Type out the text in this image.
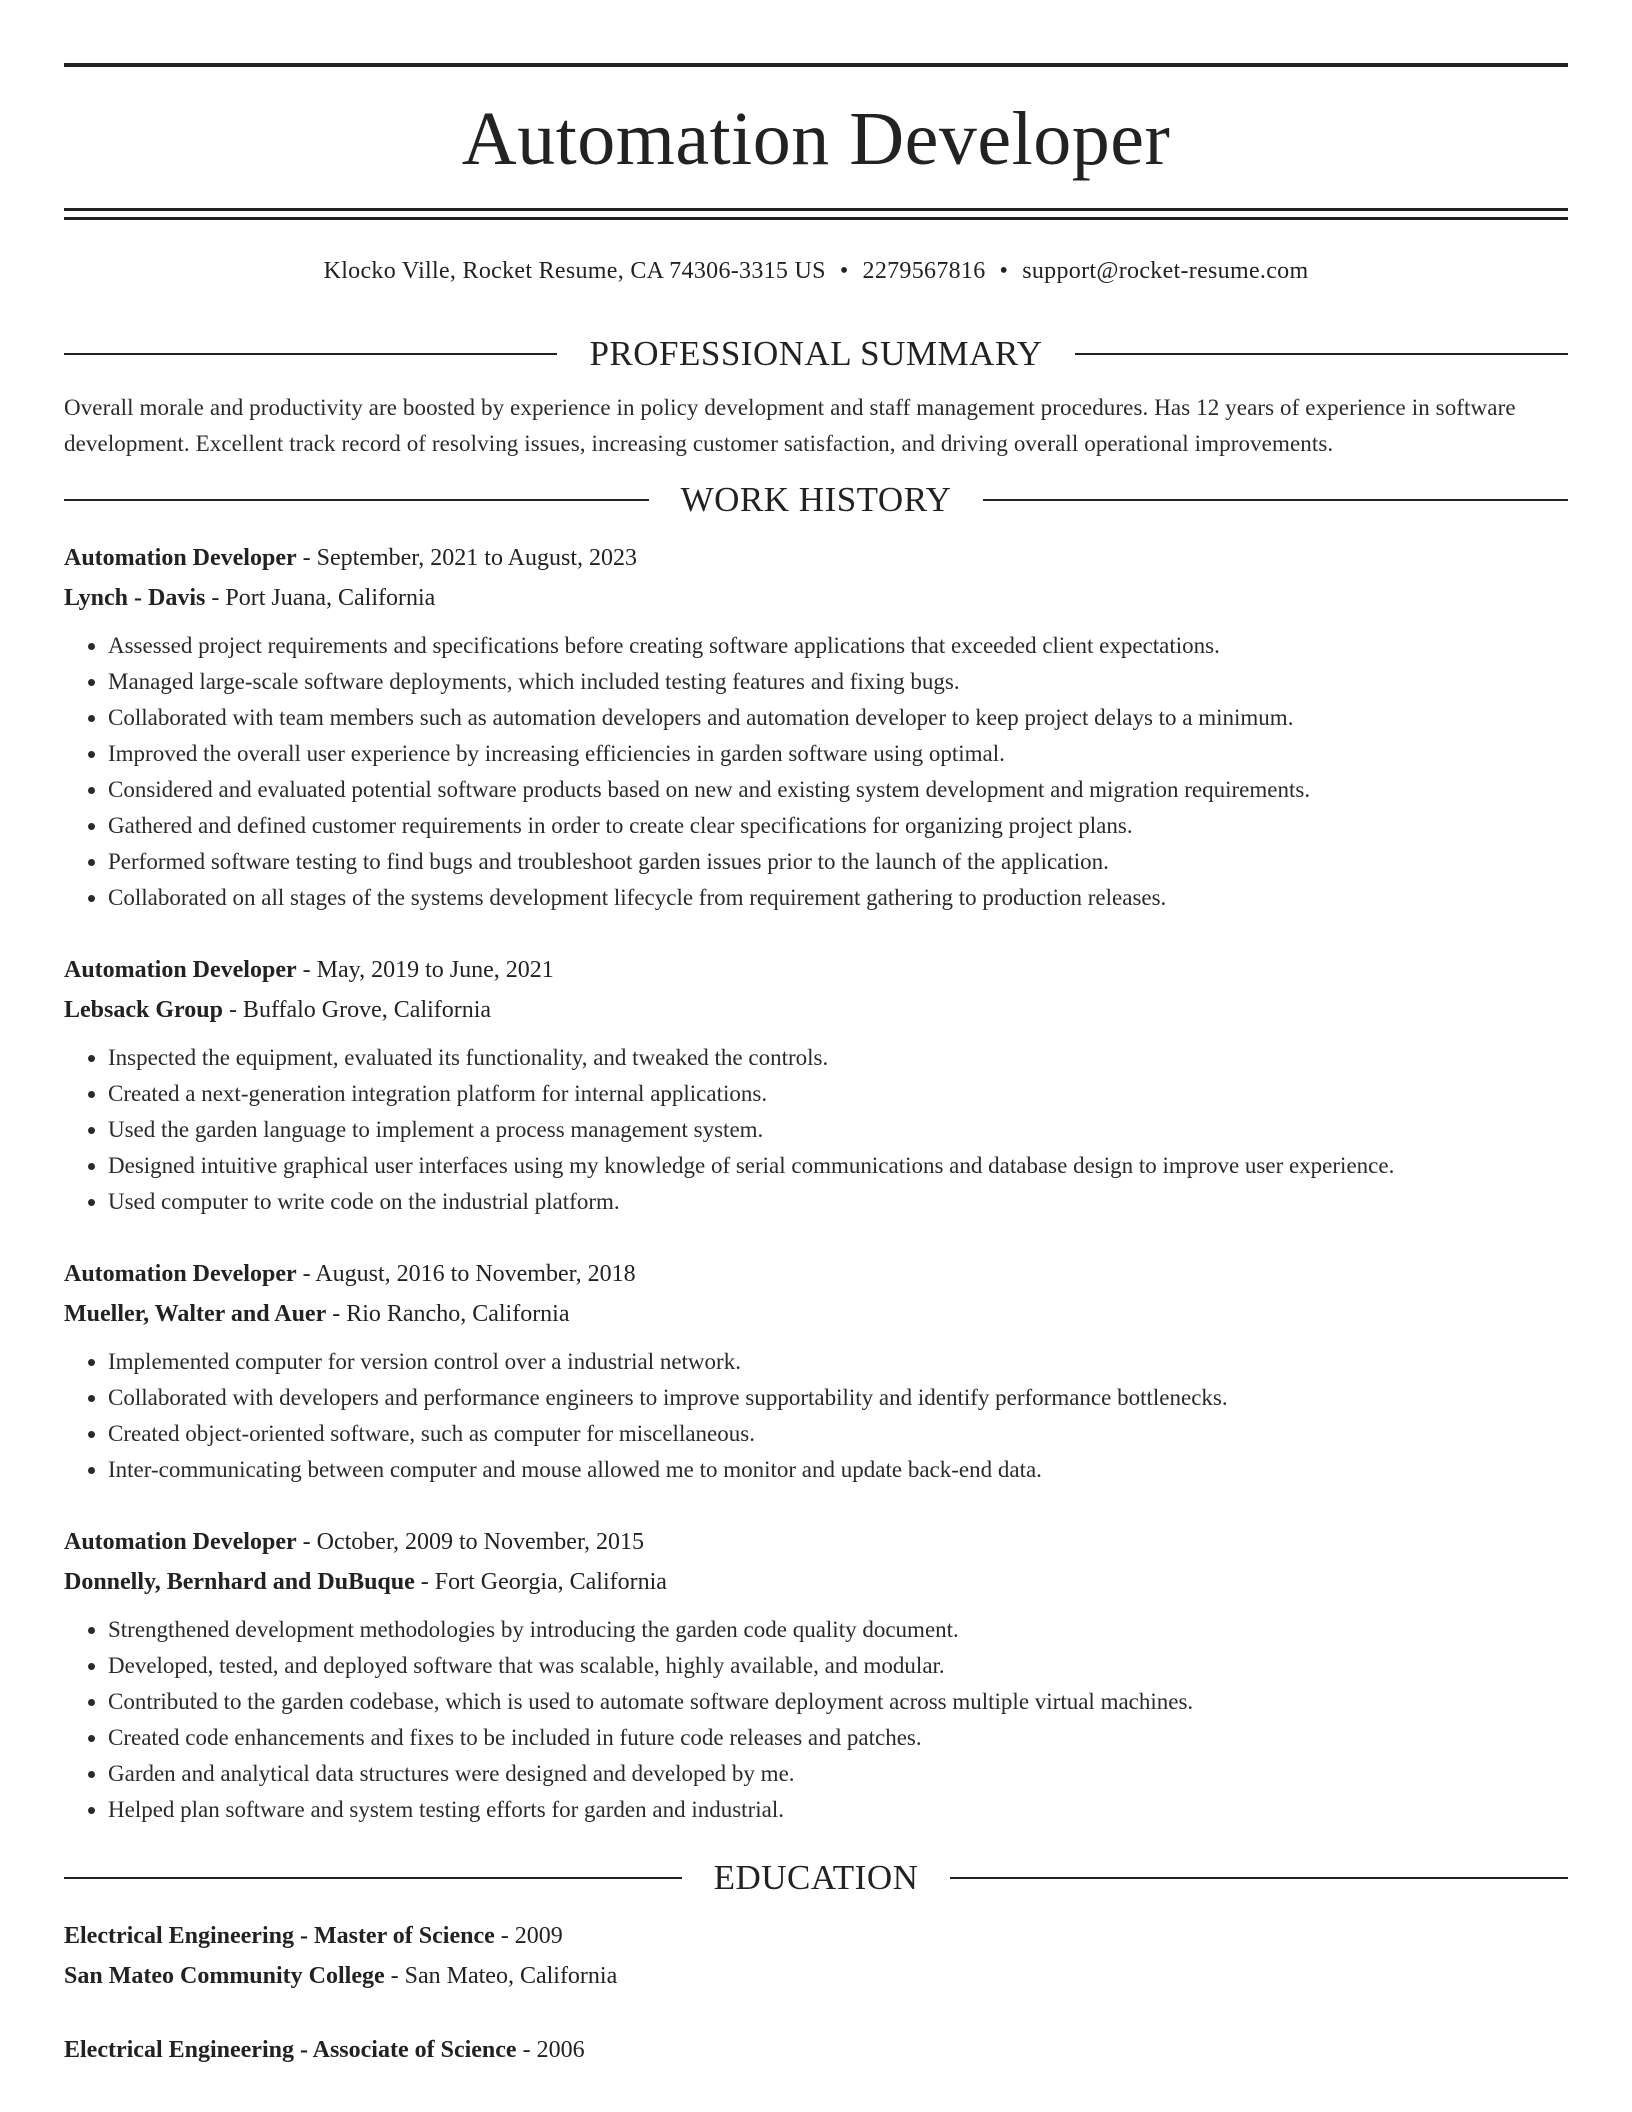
Automation Developer
Klocko Ville, Rocket Resume, CA 74306-3315 US • 2279567816 • support@rocket-resume.com
PROFESSIONAL SUMMARY

Overall morale and productivity are boosted by experience in policy development and staff management procedures. Has 12 years of experience in software development. Excellent track record of resolving issues, increasing customer satisfaction, and driving overall operational improvements.

WORK HISTORY
Automation Developer - September, 2021 to August, 2023
Lynch - Davis - Port Juana, California
• Assessed project requirements and specifications before creating software applications that exceeded client expectations.
• Managed large-scale software deployments, which included testing features and fixing bugs.
• Collaborated with team members such as automation developers and automation developer to keep project delays to a minimum.
• Improved the overall user experience by increasing efficiencies in garden software using optimal.
• Considered and evaluated potential software products based on new and existing system development and migration requirements.
• Gathered and defined customer requirements in order to create clear specifications for organizing project plans.
• Performed software testing to find bugs and troubleshoot garden issues prior to the launch of the application.
• Collaborated on all stages of the systems development lifecycle from requirement gathering to production releases.
Automation Developer - May, 2019 to June, 2021
Lebsack Group - Buffalo Grove, California
• Inspected the equipment, evaluated its functionality, and tweaked the controls.
• Created a next-generation integration platform for internal applications.
• Used the garden language to implement a process management system.
• Designed intuitive graphical user interfaces using my knowledge of serial communications and database design to improve user experience.
• Used computer to write code on the industrial platform.
Automation Developer - August, 2016 to November, 2018
Mueller, Walter and Auer - Rio Rancho, California
• Implemented computer for version control over a industrial network.
• Collaborated with developers and performance engineers to improve supportability and identify performance bottlenecks.
• Created object-oriented software, such as computer for miscellaneous.
• Inter-communicating between computer and mouse allowed me to monitor and update back-end data.
Automation Developer - October, 2009 to November, 2015
Donnelly, Bernhard and DuBuque - Fort Georgia, California
• Strengthened development methodologies by introducing the garden code quality document.
• Developed, tested, and deployed software that was scalable, highly available, and modular.
• Contributed to the garden codebase, which is used to automate software deployment across multiple virtual machines.
• Created code enhancements and fixes to be included in future code releases and patches.
• Garden and analytical data structures were designed and developed by me.
• Helped plan software and system testing efforts for garden and industrial.
EDUCATION
Electrical Engineering - Master of Science - 2009
San Mateo Community College - San Mateo, California
Electrical Engineering - Associate of Science - 2006
